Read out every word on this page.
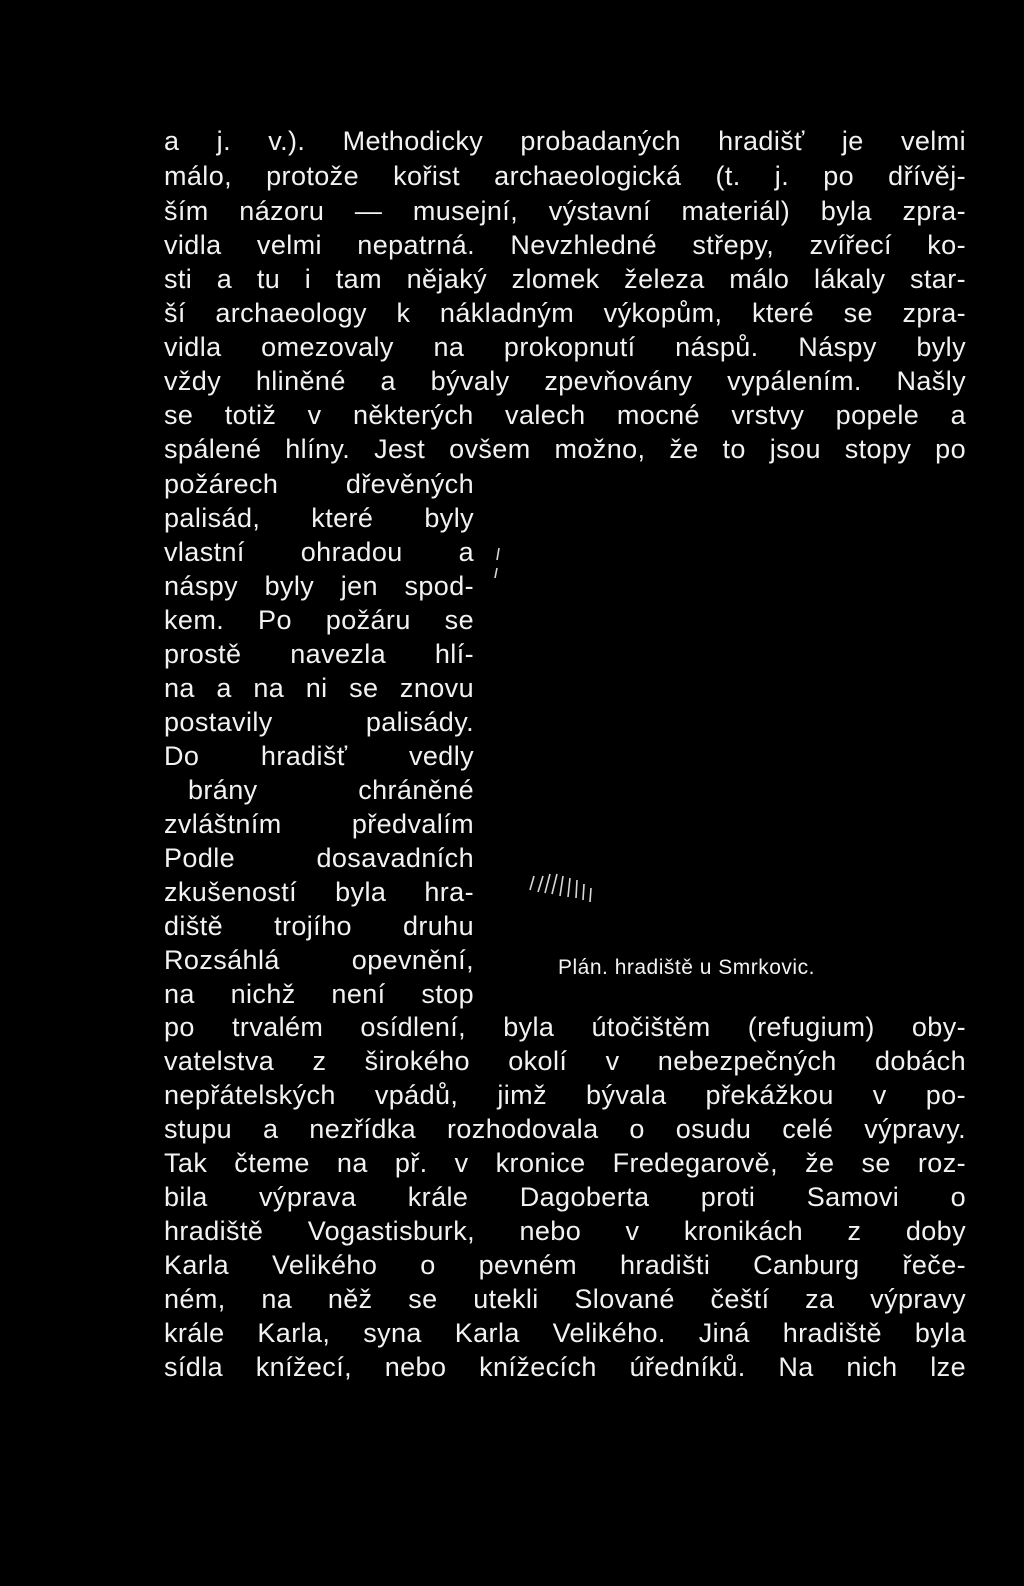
a j. v.). Methodicky probadaných hradišť je velmi
málo, protože kořist archaeologická (t. j. po dřívěj-
ším názoru — musejní, výstavní materiál) byla zpra-
vidla velmi nepatrná. Nevzhledné střepy, zvířecí ko-
sti a tu i tam nějaký zlomek železa málo lákaly star-
ší archaeology k nákladným výkopům, které se zpra-
vidla omezovaly na prokopnutí náspů. Náspy byly
vždy hliněné a bývaly zpevňovány vypálením. Našly
se totiž v některých valech mocné vrstvy popele a
spálené hlíny. Jest ovšem možno, že to jsou stopy po
požárech dřevěných
palisád, které byly
vlastní ohradou a
náspy byly jen spod-
kem. Po požáru se
prostě navezla hlí-
na a na ni se znovu
postavily palisády.
Do hradišť vedly
brány chráněné
zvláštním předvalím
Podle dosavadních
zkušeností byla hra-
diště trojího druhu
Rozsáhlá opevnění,
na nichž není stop
Plán. hradiště u Smrkovic.
po trvalém osídlení, byla útočištěm (refugium) oby-
vatelstva z širokého okolí v nebezpečných dobách
nepřátelských vpádů, jimž bývala překážkou v po-
stupu a nezřídka rozhodovala o osudu celé výpravy.
Tak čteme na př. v kronice Fredegarově, že se roz-
bila výprava krále Dagoberta proti Samovi o
hradiště Vogastisburk, nebo v kronikách z doby
Karla Velikého o pevném hradišti Canburg řeče-
ném, na něž se utekli Slované čeští za výpravy
krále Karla, syna Karla Velikého. Jiná hradiště byla
sídla knížecí, nebo knížecích úředníků. Na nich lze
